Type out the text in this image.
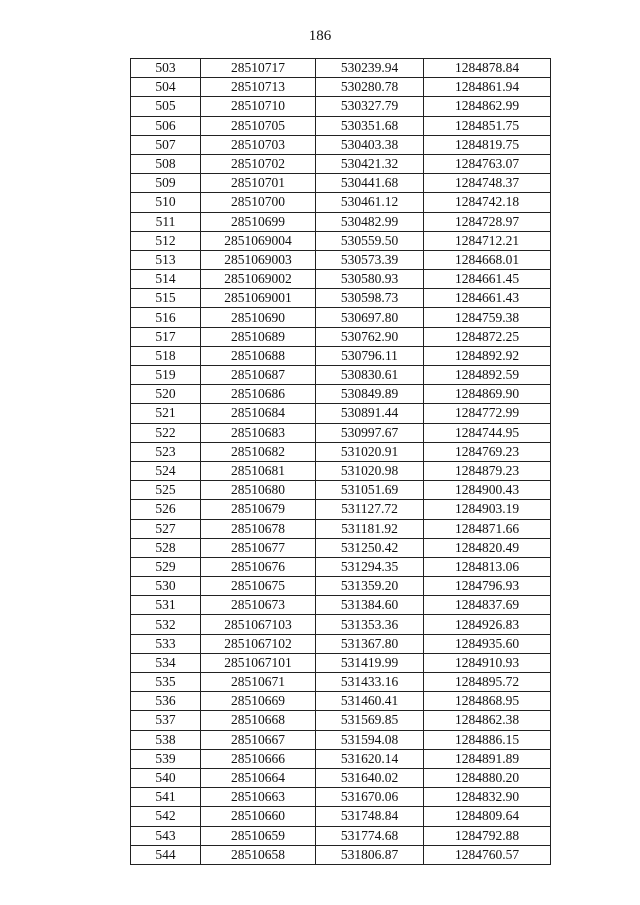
186
503	28510717	530239.94	1284878.84
504	28510713	530280.78	1284861.94
505	28510710	530327.79	1284862.99
506	28510705	530351.68	1284851.75
507	28510703	530403.38	1284819.75
508	28510702	530421.32	1284763.07
509	28510701	530441.68	1284748.37
510	28510700	530461.12	1284742.18
511	28510699	530482.99	1284728.97
512	2851069004	530559.50	1284712.21
513	2851069003	530573.39	1284668.01
514	2851069002	530580.93	1284661.45
515	2851069001	530598.73	1284661.43
516	28510690	530697.80	1284759.38
517	28510689	530762.90	1284872.25
518	28510688	530796.11	1284892.92
519	28510687	530830.61	1284892.59
520	28510686	530849.89	1284869.90
521	28510684	530891.44	1284772.99
522	28510683	530997.67	1284744.95
523	28510682	531020.91	1284769.23
524	28510681	531020.98	1284879.23
525	28510680	531051.69	1284900.43
526	28510679	531127.72	1284903.19
527	28510678	531181.92	1284871.66
528	28510677	531250.42	1284820.49
529	28510676	531294.35	1284813.06
530	28510675	531359.20	1284796.93
531	28510673	531384.60	1284837.69
532	2851067103	531353.36	1284926.83
533	2851067102	531367.80	1284935.60
534	2851067101	531419.99	1284910.93
535	28510671	531433.16	1284895.72
536	28510669	531460.41	1284868.95
537	28510668	531569.85	1284862.38
538	28510667	531594.08	1284886.15
539	28510666	531620.14	1284891.89
540	28510664	531640.02	1284880.20
541	28510663	531670.06	1284832.90
542	28510660	531748.84	1284809.64
543	28510659	531774.68	1284792.88
544	28510658	531806.87	1284760.57
